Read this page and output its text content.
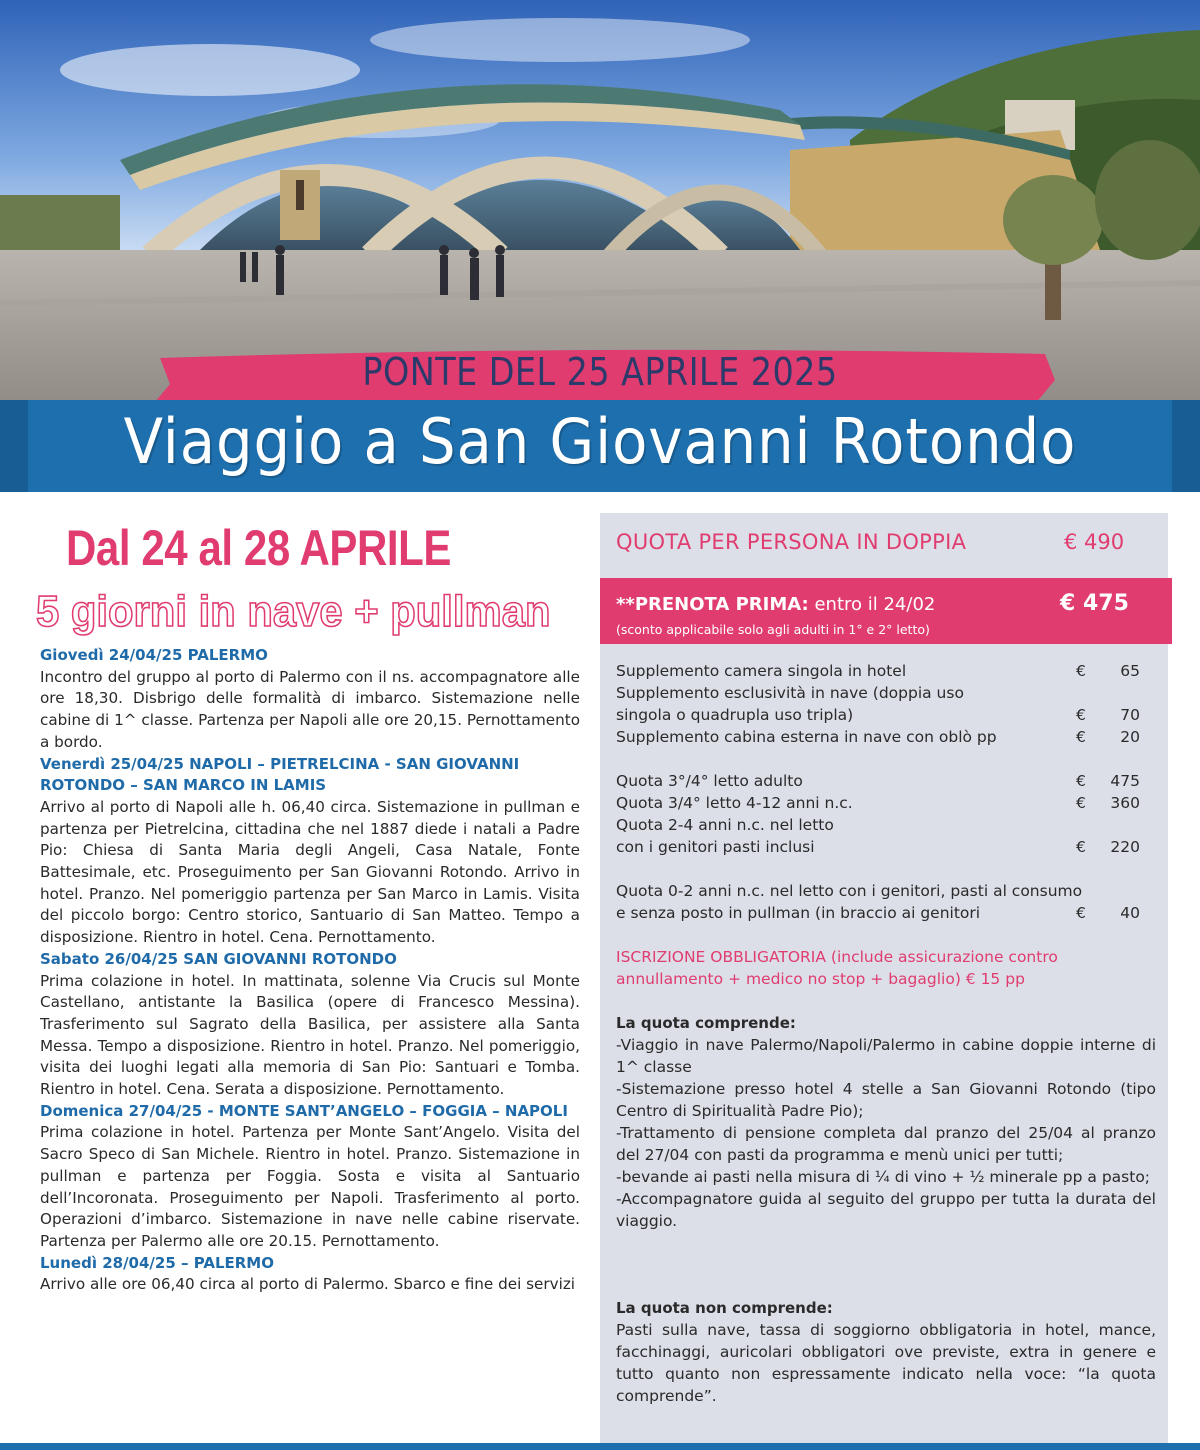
PONTE DEL 25 APRILE 2025
Viaggio a San Giovanni Rotondo
Dal 24 al 28 APRILE
5 giorni in nave + pullman
Giovedì 24/04/25 PALERMO
Incontro del gruppo al porto di Palermo con il ns. accompagnatore alle ore 18,30. Disbrigo delle formalità di imbarco. Sistemazione nelle cabine di 1^ classe. Partenza per Napoli alle ore 20,15. Pernottamento a bordo.
Venerdì 25/04/25 NAPOLI – PIETRELCINA - SAN GIOVANNI ROTONDO – SAN MARCO IN LAMIS
Arrivo al porto di Napoli alle h. 06,40 circa. Sistemazione in pullman e partenza per Pietrelcina, cittadina che nel 1887 diede i natali a Padre Pio: Chiesa di Santa Maria degli Angeli, Casa Natale, Fonte Battesimale, etc. Proseguimento per San Giovanni Rotondo. Arrivo in hotel. Pranzo. Nel pomeriggio partenza per San Marco in Lamis. Visita del piccolo borgo: Centro storico, Santuario di San Matteo. Tempo a disposizione. Rientro in hotel. Cena. Pernottamento.
Sabato 26/04/25 SAN GIOVANNI ROTONDO
Prima colazione in hotel. In mattinata, solenne Via Crucis sul Monte Castellano, antistante la Basilica (opere di Francesco Messina). Trasferimento sul Sagrato della Basilica, per assistere alla Santa Messa. Tempo a disposizione. Rientro in hotel. Pranzo. Nel pomeriggio, visita dei luoghi legati alla memoria di San Pio: Santuari e Tomba. Rientro in hotel. Cena. Serata a disposizione. Pernottamento.
Domenica 27/04/25 - MONTE SANT’ANGELO – FOGGIA – NAPOLI
Prima colazione in hotel. Partenza per Monte Sant’Angelo. Visita del Sacro Speco di San Michele. Rientro in hotel. Pranzo. Sistemazione in pullman e partenza per Foggia. Sosta e visita al Santuario dell’Incoronata. Proseguimento per Napoli. Trasferimento al porto. Operazioni d’imbarco. Sistemazione in nave nelle cabine riservate. Partenza per Palermo alle ore 20.15. Pernottamento.
Lunedì 28/04/25 – PALERMO
Arrivo alle ore 06,40 circa al porto di Palermo. Sbarco e fine dei servizi
QUOTA PER PERSONA IN DOPPIA	€ 490
**PRENOTA PRIMA: entro il 24/02	€ 475
(sconto applicabile solo agli adulti in 1° e 2° letto)
Supplemento camera singola in hotel	€ 65
Supplemento esclusività in nave (doppia uso
singola o quadrupla uso tripla)	€ 70
Supplemento cabina esterna in nave con oblò pp	€ 20
Quota 3°/4° letto adulto	€ 475
Quota 3/4° letto 4-12 anni n.c.	€ 360
Quota 2-4 anni n.c. nel letto
con i genitori pasti inclusi	€ 220
Quota 0-2 anni n.c. nel letto con i genitori, pasti al consumo
e senza posto in pullman (in braccio ai genitori	€ 40
ISCRIZIONE OBBLIGATORIA (include assicurazione contro annullamento + medico no stop + bagaglio) € 15 pp
La quota comprende:
-Viaggio in nave Palermo/Napoli/Palermo in cabine doppie interne di 1^ classe
-Sistemazione presso hotel 4 stelle a San Giovanni Rotondo (tipo Centro di Spiritualità Padre Pio);
-Trattamento di pensione completa dal pranzo del 25/04 al pranzo del 27/04 con pasti da programma e menù unici per tutti;
-bevande ai pasti nella misura di ¼ di vino + ½ minerale pp a pasto;
-Accompagnatore guida al seguito del gruppo per tutta la durata del viaggio.
La quota non comprende:
Pasti sulla nave, tassa di soggiorno obbligatoria in hotel, mance, facchinaggi, auricolari obbligatori ove previste, extra in genere e tutto quanto non espressamente indicato nella voce: “la quota comprende”.
